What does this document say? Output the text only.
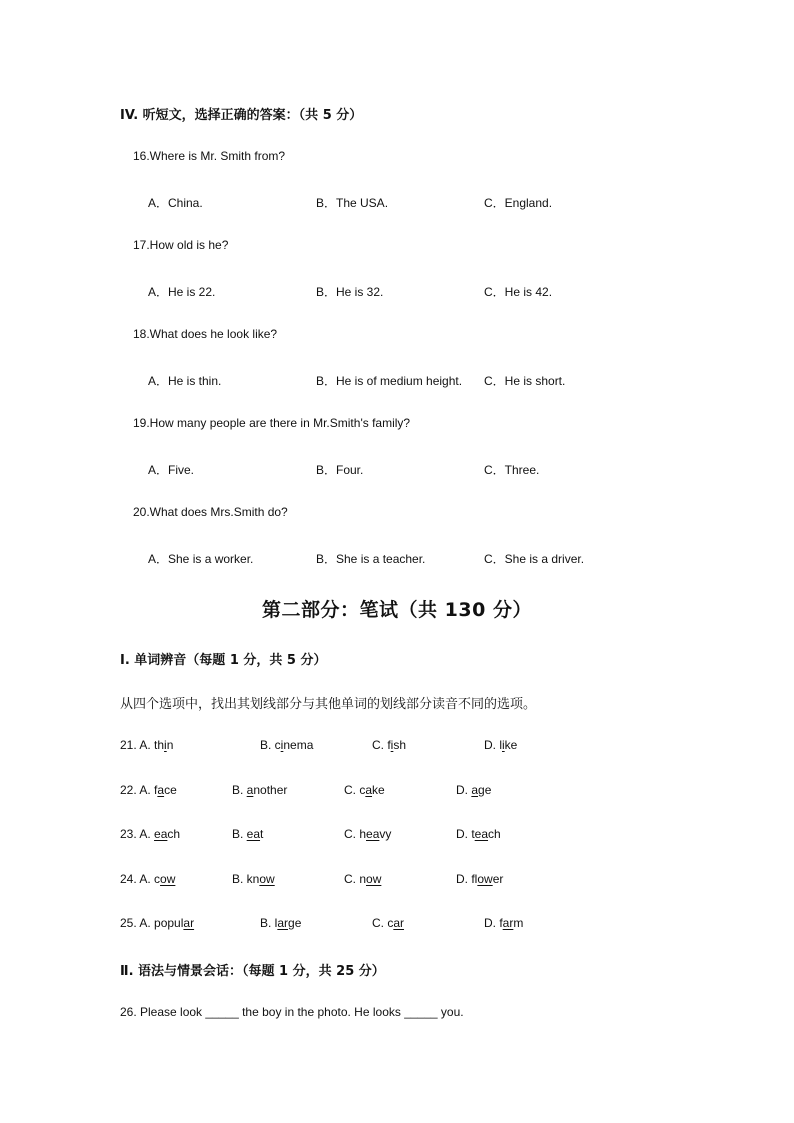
IV. 听短文，选择正确的答案：（共 5 分）
16.Where is Mr. Smith from?
A．China.	B．The USA.	C．England.
17.How old is he?
A．He is 22.	B．He is 32.	C．He is 42.
18.What does he look like?
A．He is thin.	B．He is of medium height. C．He is short.
19.How many people are there in Mr.Smith's family?
A．Five.	B．Four.	C．Three.
20.What does Mrs.Smith do?
A．She is a worker.	B．She is a teacher.	C．She is a driver.
第二部分：笔试（共 130 分）
Ⅰ. 单词辨音（每题 1 分，共 5 分）
从四个选项中，找出其划线部分与其他单词的划线部分读音不同的选项。
21. A. thin	B. cinema	C. fish	D. like
22. A. face	B. another	C. cake	D. age
23. A. each	B. eat	C. heavy	D. teach
24. A. cow	B. know	C. now	D. flower
25. A. popular	B. large	C. car	D. farm
Ⅱ. 语法与情景会话：（每题 1 分，共 25 分）
26. Please look _____ the boy in the photo. He looks _____ you.
